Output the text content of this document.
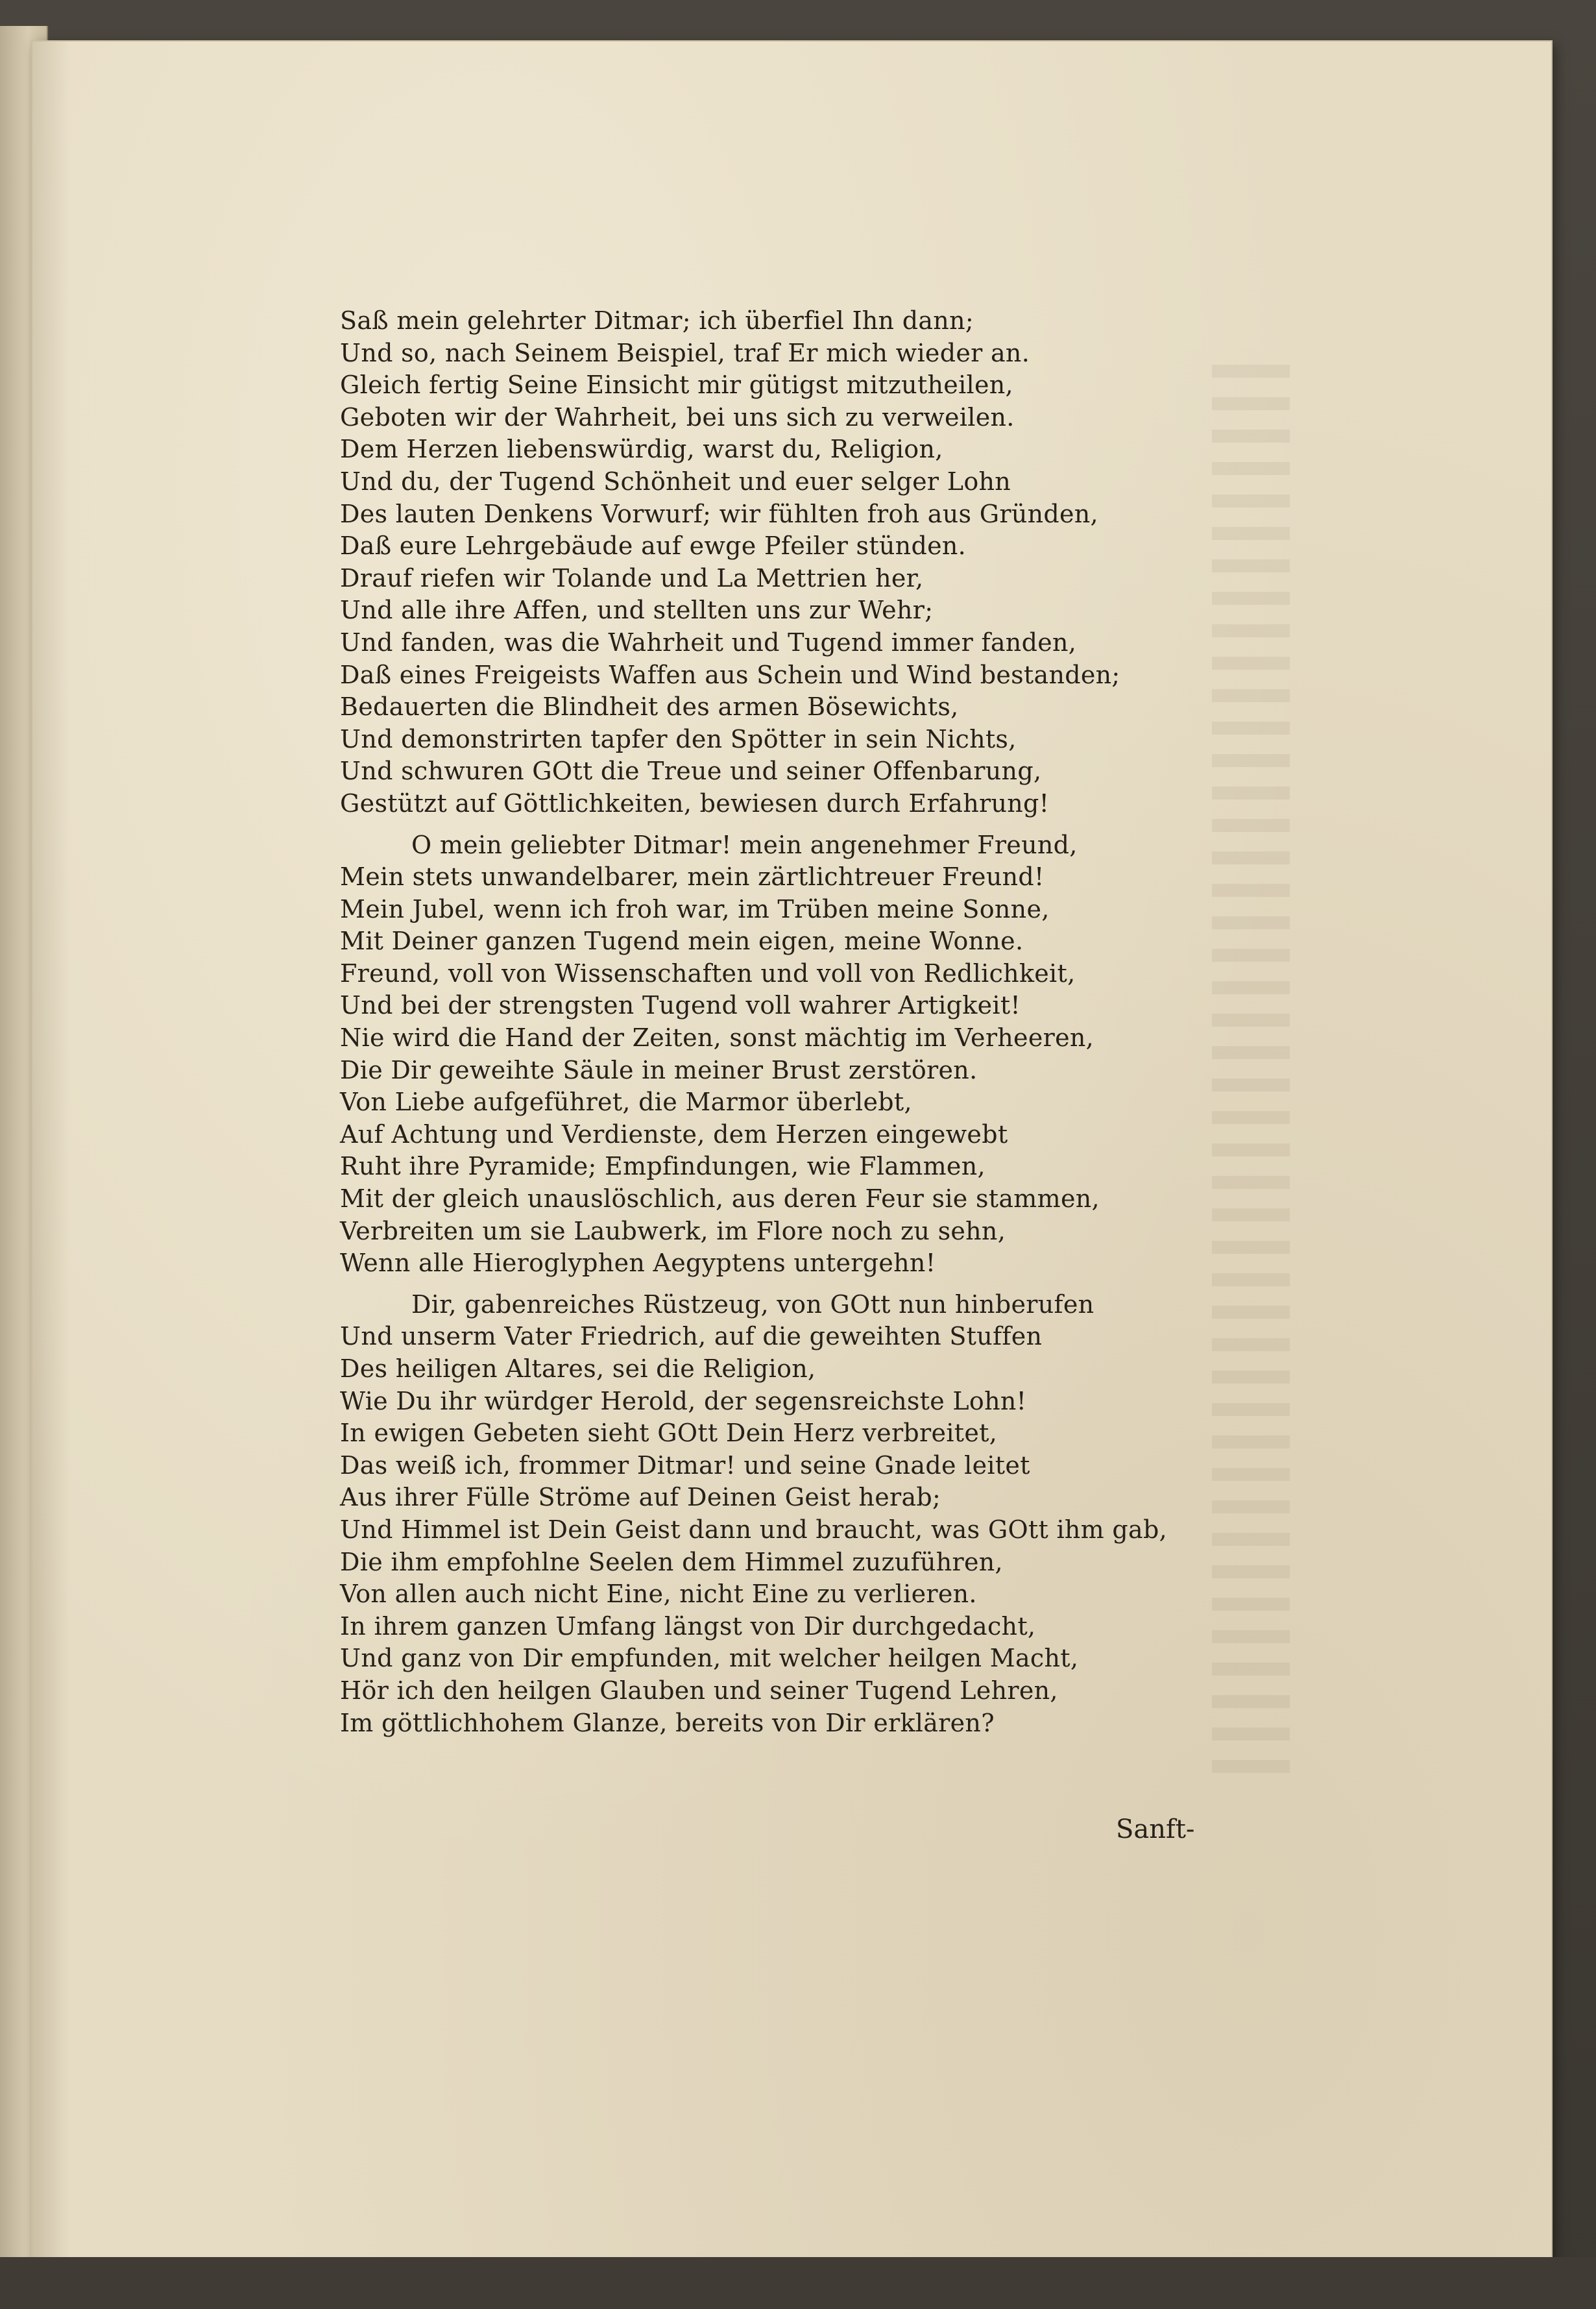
Saß mein gelehrter Ditmar; ich überfiel Ihn dann;
Und so, nach Seinem Beispiel, traf Er mich wieder an.
Gleich fertig Seine Einsicht mir gütigst mitzutheilen,
Geboten wir der Wahrheit, bei uns sich zu verweilen.
Dem Herzen liebenswürdig, warst du, Religion,
Und du, der Tugend Schönheit und euer selger Lohn
Des lauten Denkens Vorwurf; wir fühlten froh aus Gründen,
Daß eure Lehrgebäude auf ewge Pfeiler stünden.
Drauf riefen wir Tolande und La Mettrien her,
Und alle ihre Affen, und stellten uns zur Wehr;
Und fanden, was die Wahrheit und Tugend immer fanden,
Daß eines Freigeists Waffen aus Schein und Wind bestanden;
Bedauerten die Blindheit des armen Bösewichts,
Und demonstrirten tapfer den Spötter in sein Nichts,
Und schwuren GOtt die Treue und seiner Offenbarung,
Gestützt auf Göttlichkeiten, bewiesen durch Erfahrung!
O mein geliebter Ditmar! mein angenehmer Freund,
Mein stets unwandelbarer, mein zärtlichtreuer Freund!
Mein Jubel, wenn ich froh war, im Trüben meine Sonne,
Mit Deiner ganzen Tugend mein eigen, meine Wonne.
Freund, voll von Wissenschaften und voll von Redlichkeit,
Und bei der strengsten Tugend voll wahrer Artigkeit!
Nie wird die Hand der Zeiten, sonst mächtig im Verheeren,
Die Dir geweihte Säule in meiner Brust zerstören.
Von Liebe aufgeführet, die Marmor überlebt,
Auf Achtung und Verdienste, dem Herzen eingewebt
Ruht ihre Pyramide; Empfindungen, wie Flammen,
Mit der gleich unauslöschlich, aus deren Feur sie stammen,
Verbreiten um sie Laubwerk, im Flore noch zu sehn,
Wenn alle Hieroglyphen Aegyptens untergehn!
Dir, gabenreiches Rüstzeug, von GOtt nun hinberufen
Und unserm Vater Friedrich, auf die geweihten Stuffen
Des heiligen Altares, sei die Religion,
Wie Du ihr würdger Herold, der segensreichste Lohn!
In ewigen Gebeten sieht GOtt Dein Herz verbreitet,
Das weiß ich, frommer Ditmar! und seine Gnade leitet
Aus ihrer Fülle Ströme auf Deinen Geist herab;
Und Himmel ist Dein Geist dann und braucht, was GOtt ihm gab,
Die ihm empfohlne Seelen dem Himmel zuzuführen,
Von allen auch nicht Eine, nicht Eine zu verlieren.
In ihrem ganzen Umfang längst von Dir durchgedacht,
Und ganz von Dir empfunden, mit welcher heilgen Macht,
Hör ich den heilgen Glauben und seiner Tugend Lehren,
Im göttlichhohem Glanze, bereits von Dir erklären?
Sanft-
